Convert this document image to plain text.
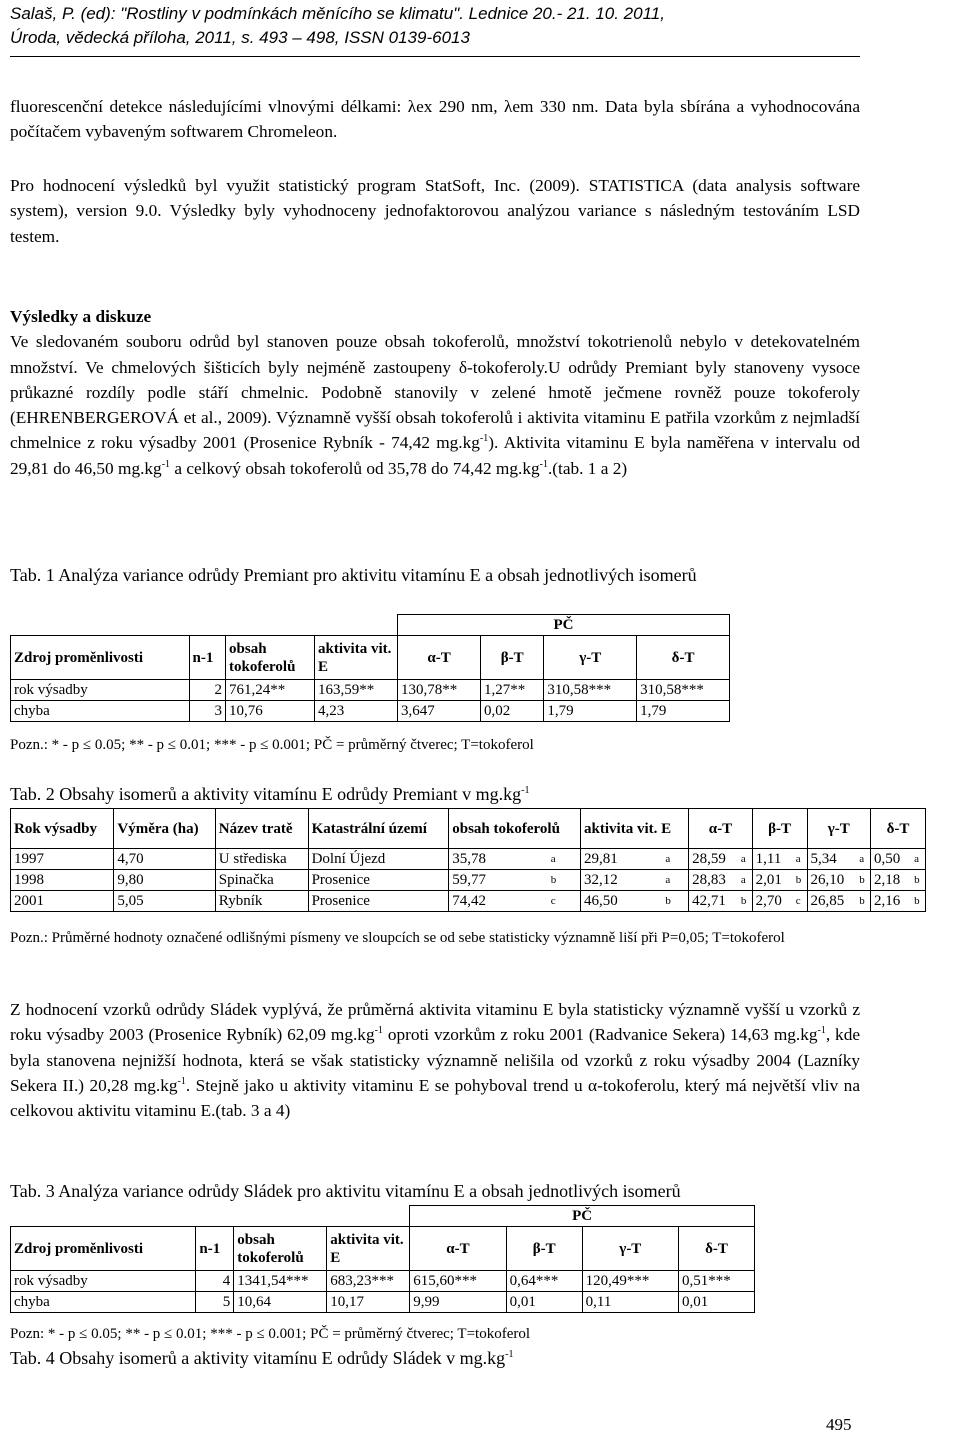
Salaš, P. (ed): "Rostliny v podmínkách měnícího se klimatu". Lednice 20.- 21. 10. 2011,
Úroda, vědecká příloha, 2011, s. 493 – 498, ISSN 0139-6013

fluorescenční detekce následujícími vlnovými délkami: λex 290 nm, λem 330 nm. Data byla sbírána a vyhodnocována počítačem vybaveným softwarem Chromeleon.

Pro hodnocení výsledků byl využit statistický program StatSoft, Inc. (2009). STATISTICA (data analysis software system), version 9.0. Výsledky byly vyhodnoceny jednofaktorovou analýzou variance s následným testováním LSD testem.

Výsledky a diskuze
Ve sledovaném souboru odrůd byl stanoven pouze obsah tokoferolů, množství tokotrienolů nebylo v detekovatelném množství. Ve chmelových šišticích byly nejméně zastoupeny δ-tokoferoly.U odrůdy Premiant byly stanoveny vysoce průkazné rozdíly podle stáří chmelnic. Podobně stanovily v zelené hmotě ječmene rovněž pouze tokoferoly (EHRENBERGEROVÁ et al., 2009). Významně vyšší obsah tokoferolů i aktivita vitaminu E patřila vzorkům z nejmladší chmelnice z roku výsadby 2001 (Prosenice Rybník - 74,42 $mg.kg^{-1}$). Aktivita vitaminu E byla naměřena v intervalu od 29,81 do 46,50 $mg.kg^{-1}$ a celkový obsah tokoferolů od 35,78 do 74,42 $mg.kg^{-1}.(tab$. 1 a 2)

Tab. 1 Analýza variance odrůdy Premiant pro aktivitu vitamínu E a obsah jednotlivých isomerů

				PČ			
Zdroj proměnlivosti	n-1	obsah tokoferolů	aktivita vit. E	α-T	β-T	γ-T	δ-T
rok výsadby	2	761,24**	163,59**	130,78**	1,27**	310,58***	310,58***
chyba	3	10,76	4,23	3,647	0,02	1,79	1,79

Pozn.: * - p ≤ 0.05; ** - p ≤ 0.01; *** - p ≤ 0.001; PČ = průměrný čtverec; T=tokoferol

Tab. 2 Obsahy isomerů a aktivity vitamínu E odrůdy Premiant v $mg.kg^{-1}$

Rok výsadby	Výměra (ha)	Název tratě	Katastrální území	obsah tokoferolů		aktivita vit. E		α-T		β-T		γ-T		δ-T	
1997	4,70	U střediska	Dolní Újezd	35,78	a	29,81	a	28,59	a	1,11	a	5,34	a	0,50	a
1998	9,80	Spinačka	Prosenice	59,77	b	32,12	a	28,83	a	2,01	b	26,10	b	2,18	b
2001	5,05	Rybník	Prosenice	74,42	c	46,50	b	42,71	b	2,70	c	26,85	b	2,16	b

Pozn.: Průměrné hodnoty označené odlišnými písmeny ve sloupcích se od sebe statisticky významně liší při P=0,05; T=tokoferol

Z hodnocení vzorků odrůdy Sládek vyplývá, že průměrná aktivita vitaminu E byla statisticky významně vyšší u vzorků z roku výsadby 2003 (Prosenice Rybník) 62,09 $mg.kg^{-1}$ oproti vzorkům z roku 2001 (Radvanice Sekera) 14,63 $mg.kg^{-1}$, kde byla stanovena nejnižší hodnota, která se však statisticky významně nelišila od vzorků z roku výsadby 2004 (Lazníky Sekera II.) 20,28 $mg.kg^{-1}$. Stejně jako u aktivity vitaminu E se pohyboval trend u α-tokoferolu, který má největší vliv na celkovou aktivitu vitaminu E.(tab. 3 a 4)

Tab. 3 Analýza variance odrůdy Sládek pro aktivitu vitamínu E a obsah jednotlivých isomerů

				PČ			
Zdroj proměnlivosti	n-1	obsah tokoferolů	aktivita vit. E	α-T	β-T	γ-T	δ-T
rok výsadby	4	1341,54***	683,23***	615,60***	0,64***	120,49***	0,51***
chyba	5	10,64	10,17	9,99	0,01	0,11	0,01

Pozn: * - p ≤ 0.05; ** - p ≤ 0.01; *** - p ≤ 0.001; PČ = průměrný čtverec; T=tokoferol

Tab. 4 Obsahy isomerů a aktivity vitamínu E odrůdy Sládek v $mg.kg^{-1}$

495
